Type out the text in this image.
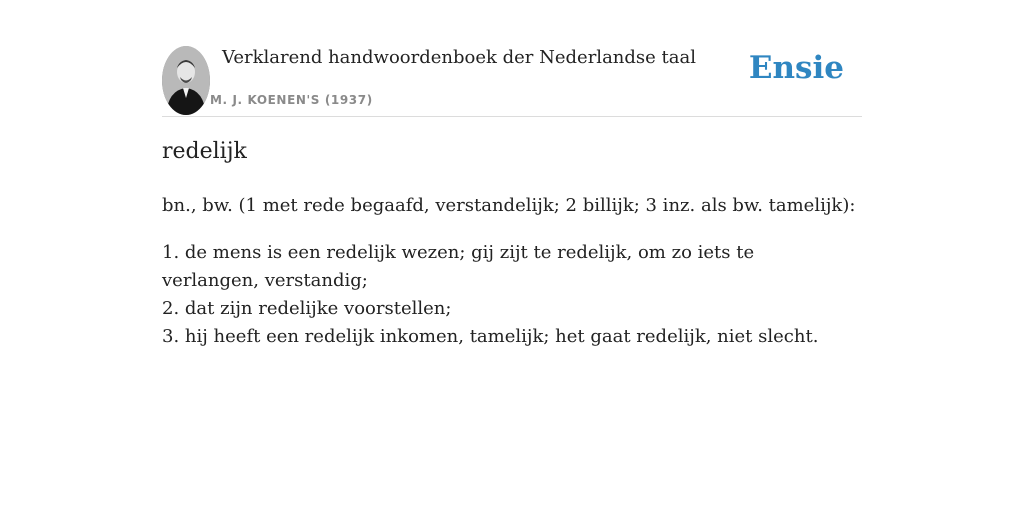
Verklarend handwoordenboek der Nederlandse taal
M. J. KOENEN'S (1937)
Ensie
redelijk
bn., bw. (1 met rede begaafd, verstandelijk; 2 billijk; 3 inz. als bw. tamelijk):
1. de mens is een redelijk wezen; gij zijt te redelijk, om zo iets te verlangen, verstandig;
2. dat zijn redelijke voorstellen;
3. hij heeft een redelijk inkomen, tamelijk; het gaat redelijk, niet slecht.
